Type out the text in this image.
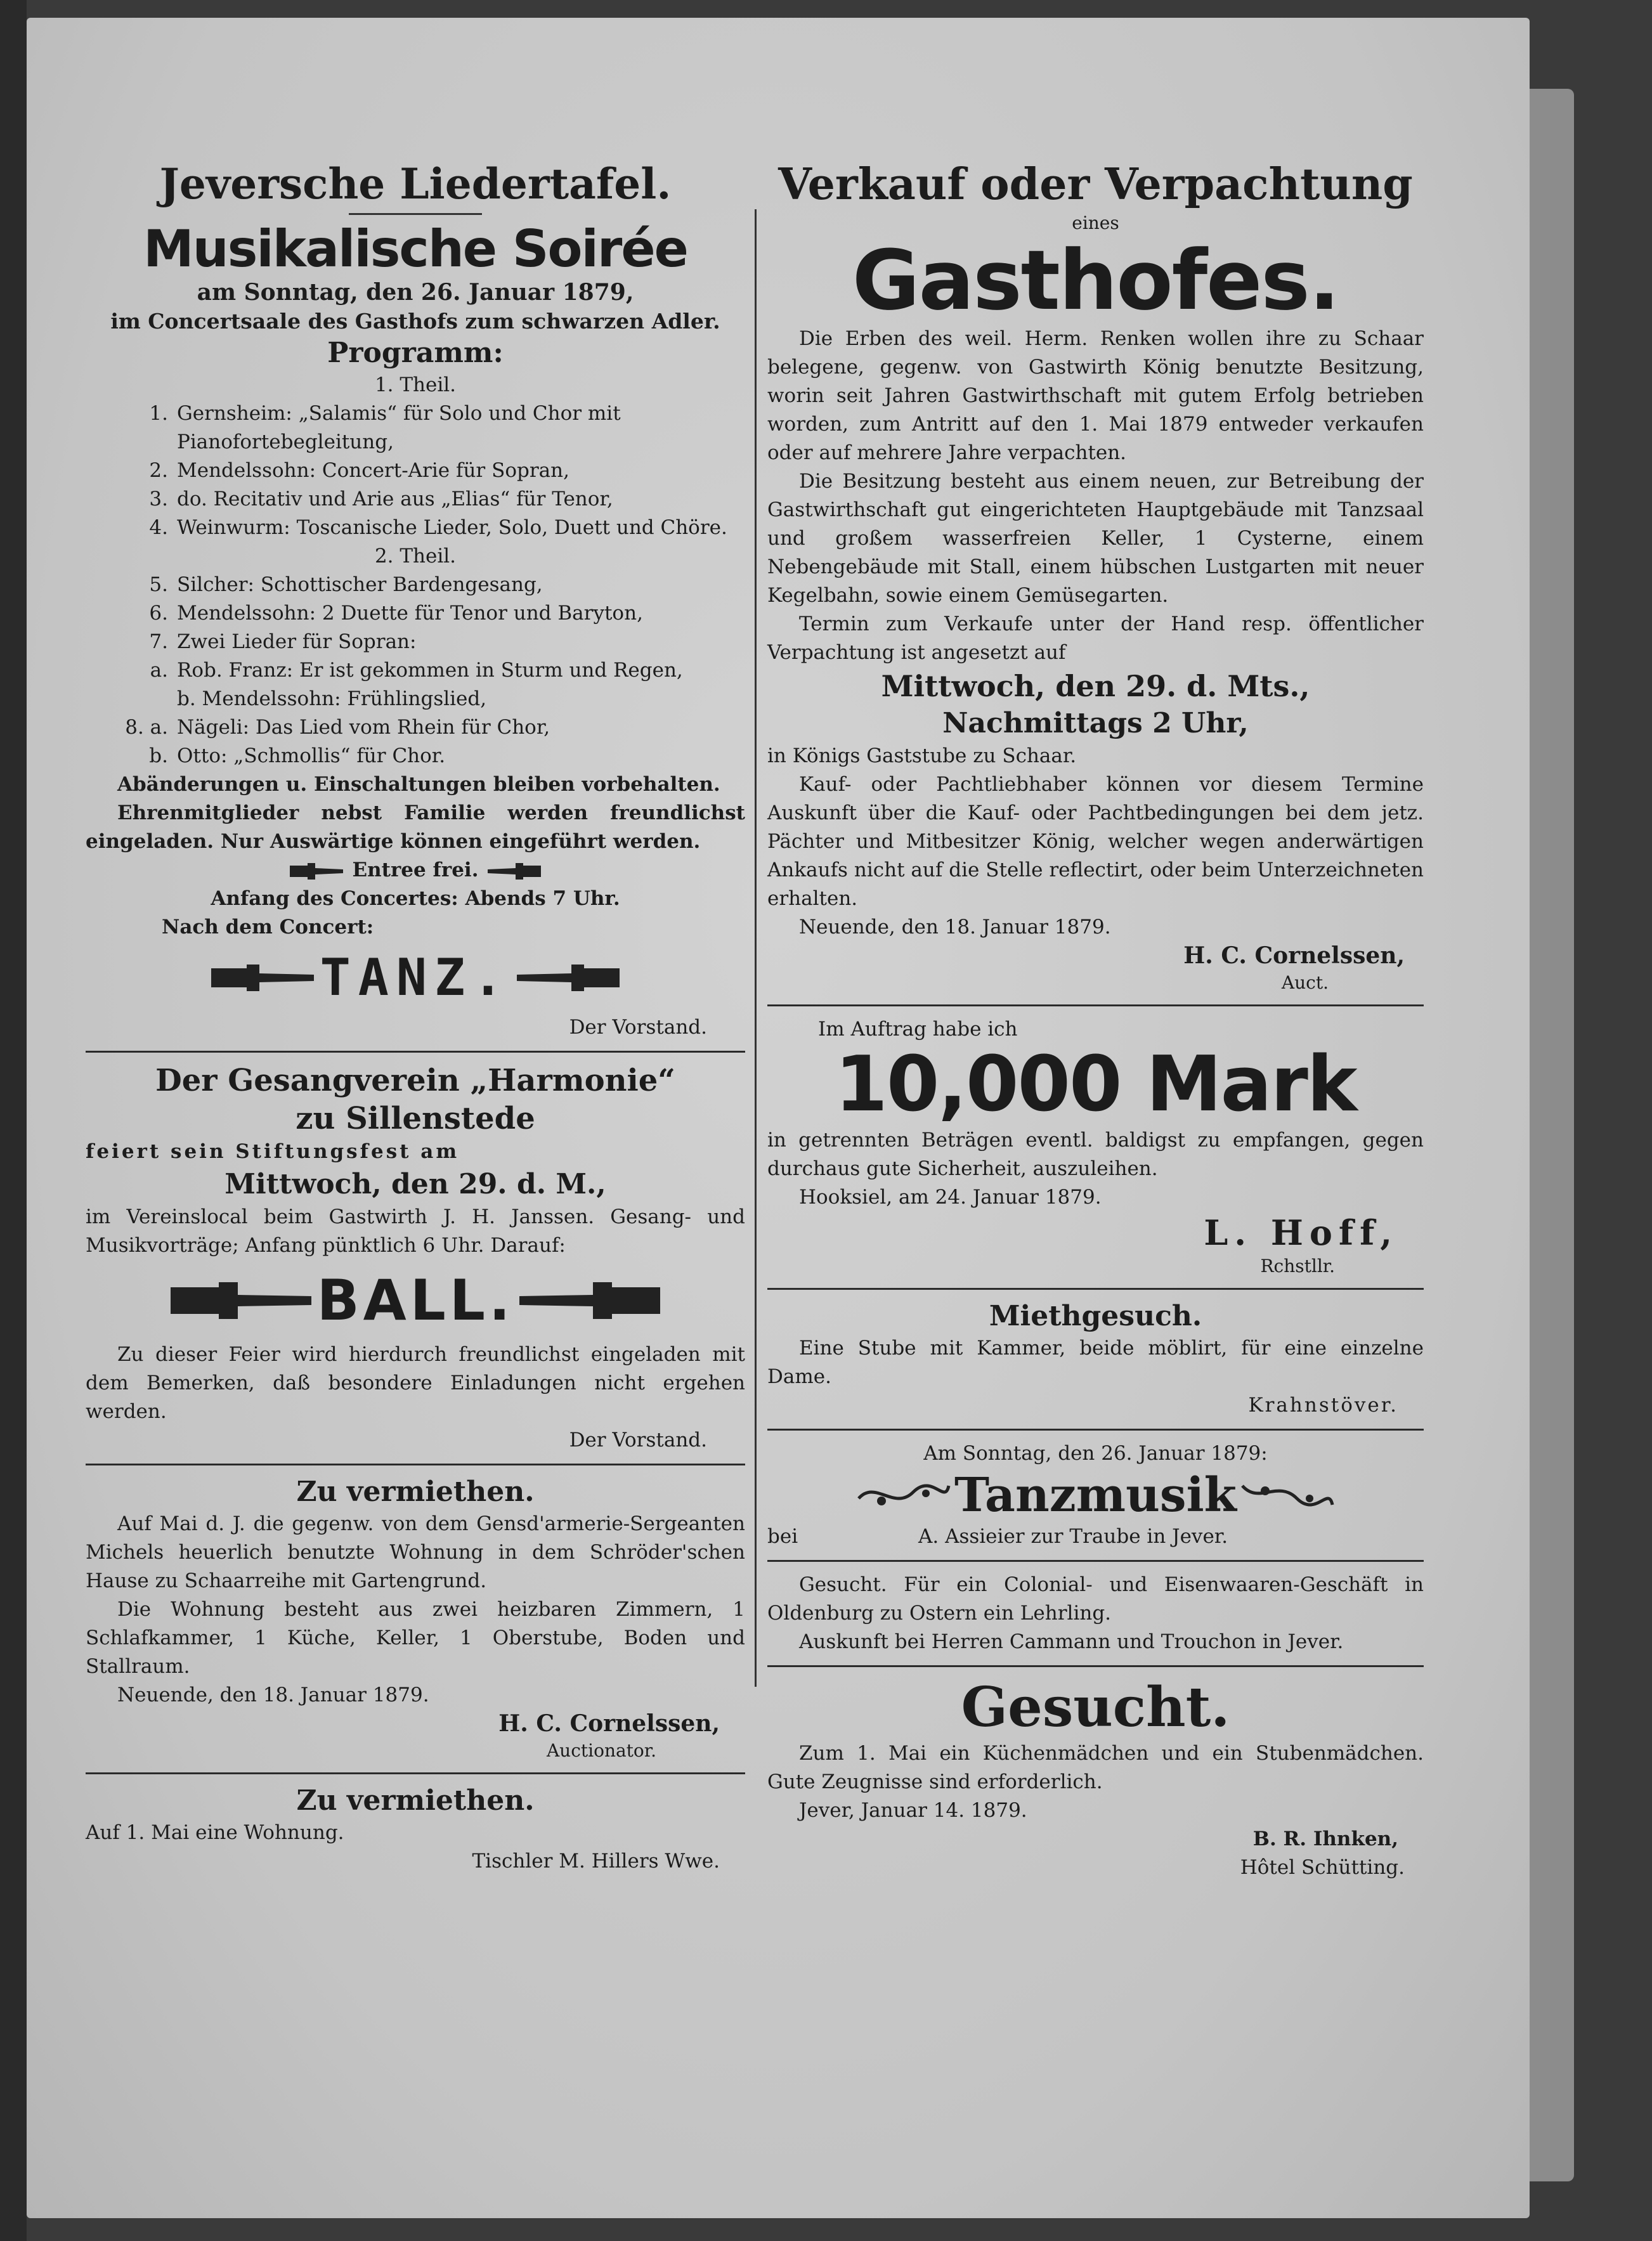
Jeversche Liedertafel.

Musikalische Soirée

am Sonntag, den 26. Januar 1879,

im Concertsaale des Gasthofs zum schwarzen Adler.

Programm:

1. Theil.

1. Gernsheim: „Salamis“ für Solo und Chor mit Pianofortebegleitung,
2. Mendelssohn: Concert-Arie für Sopran,
3. do. Recitativ und Arie aus „Elias“ für Tenor,
4. Weinwurm: Toscanische Lieder, Solo, Duett und Chöre.

2. Theil.

5. Silcher: Schottischer Bardengesang,
6. Mendelssohn: 2 Duette für Tenor und Baryton,
7. Zwei Lieder für Sopran:
a. Rob. Franz: Er ist gekommen in Sturm und Regen,
b. Mendelssohn: Frühlingslied,
8. a. Nägeli: Das Lied vom Rhein für Chor,
b. Otto: „Schmollis“ für Chor.

Abänderungen u. Einschaltungen bleiben vorbehalten.

Ehrenmitglieder nebst Familie werden freundlichst eingeladen. Nur Auswärtige können eingeführt werden.

Entree frei.

Anfang des Concertes: Abends 7 Uhr.

Nach dem Concert:

TANZ.

Der Vorstand.

Der Gesangverein „Harmonie“

zu Sillenstede

feiert sein Stiftungsfest am

Mittwoch, den 29. d. M.,

im Vereinslocal beim Gastwirth J. H. Janssen. Gesang- und Musikvorträge; Anfang pünktlich 6 Uhr. Darauf:

BALL.

Zu dieser Feier wird hierdurch freundlichst eingeladen mit dem Bemerken, daß besondere Einladungen nicht ergehen werden.

Der Vorstand.

Zu vermiethen.

Auf Mai d. J. die gegenw. von dem Gensd'armerie-Sergeanten Michels heuerlich benutzte Wohnung in dem Schröder'schen Hause zu Schaarreihe mit Gartengrund.

Die Wohnung besteht aus zwei heizbaren Zimmern, 1 Schlafkammer, 1 Küche, Keller, 1 Oberstube, Boden und Stallraum.

Neuende, den 18. Januar 1879.

H. C. Cornelssen,

Auctionator.

Zu vermiethen.

Auf 1. Mai eine Wohnung.

Tischler M. Hillers Wwe.

Verkauf oder Verpachtung

eines

Gasthofes.

Die Erben des weil. Herm. Renken wollen ihre zu Schaar belegene, gegenw. von Gastwirth König benutzte Besitzung, worin seit Jahren Gastwirthschaft mit gutem Erfolg betrieben worden, zum Antritt auf den 1. Mai 1879 entweder verkaufen oder auf mehrere Jahre verpachten.

Die Besitzung besteht aus einem neuen, zur Betreibung der Gastwirthschaft gut eingerichteten Hauptgebäude mit Tanzsaal und großem wasserfreien Keller, 1 Cysterne, einem Nebengebäude mit Stall, einem hübschen Lustgarten mit neuer Kegelbahn, sowie einem Gemüsegarten.

Termin zum Verkaufe unter der Hand resp. öffentlicher Verpachtung ist angesetzt auf

Mittwoch, den 29. d. Mts.,

Nachmittags 2 Uhr,

in Königs Gaststube zu Schaar.

Kauf- oder Pachtliebhaber können vor diesem Termine Auskunft über die Kauf- oder Pachtbedingungen bei dem jetz. Pächter und Mitbesitzer König, welcher wegen anderwärtigen Ankaufs nicht auf die Stelle reflectirt, oder beim Unterzeichneten erhalten.

Neuende, den 18. Januar 1879.

H. C. Cornelssen,

Auct.

Im Auftrag habe ich

10,000 Mark

in getrennten Beträgen eventl. baldigst zu empfangen, gegen durchaus gute Sicherheit, auszuleihen.

Hooksiel, am 24. Januar 1879.

L. Hoff,

Rchstllr.

Miethgesuch.

Eine Stube mit Kammer, beide möblirt, für eine einzelne Dame.

Krahnstöver.

Am Sonntag, den 26. Januar 1879:

Tanzmusik

bei	A. Assieier zur Traube in Jever.

Gesucht. Für ein Colonial- und Eisenwaaren-Geschäft in Oldenburg zu Ostern ein Lehrling.

Auskunft bei Herren Cammann und Trouchon in Jever.

Gesucht.

Zum 1. Mai ein Küchenmädchen und ein Stubenmädchen. Gute Zeugnisse sind erforderlich.

Jever, Januar 14. 1879.

B. R. Ihnken,

Hôtel Schütting.
